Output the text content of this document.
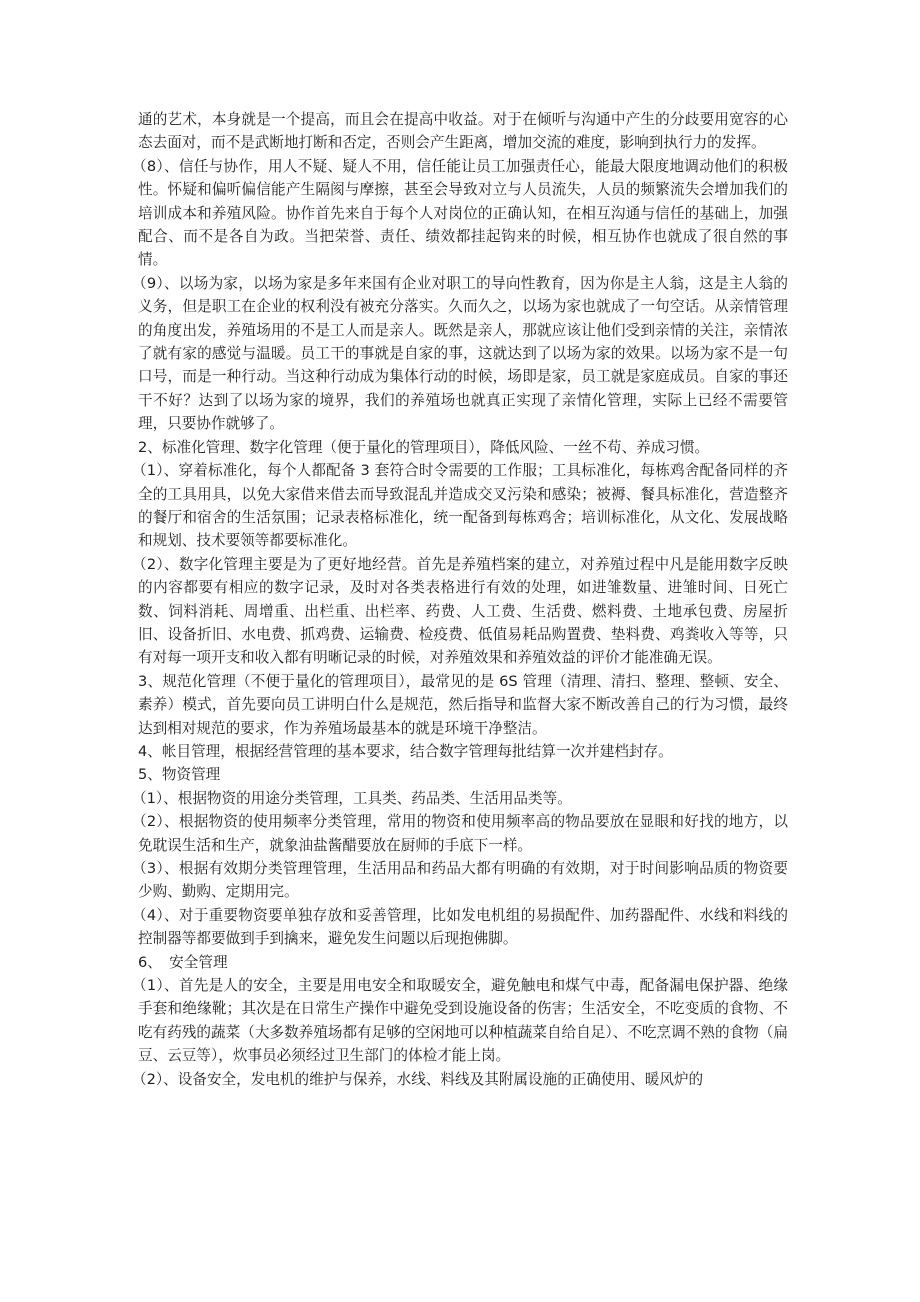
通的艺术，本身就是一个提高，而且会在提高中收益。对于在倾听与沟通中产生的分歧要用宽容的心态去面对，而不是武断地打断和否定，否则会产生距离，增加交流的难度，影响到执行力的发挥。

（8）、信任与协作，用人不疑、疑人不用，信任能让员工加强责任心，能最大限度地调动他们的积极性。怀疑和偏听偏信能产生隔阂与摩擦，甚至会导致对立与人员流失，人员的频繁流失会增加我们的培训成本和养殖风险。协作首先来自于每个人对岗位的正确认知，在相互沟通与信任的基础上，加强配合、而不是各自为政。当把荣誉、责任、绩效都挂起钩来的时候，相互协作也就成了很自然的事情。

（9）、以场为家，以场为家是多年来国有企业对职工的导向性教育，因为你是主人翁，这是主人翁的义务，但是职工在企业的权利没有被充分落实。久而久之，以场为家也就成了一句空话。从亲情管理的角度出发，养殖场用的不是工人而是亲人。既然是亲人，那就应该让他们受到亲情的关注，亲情浓了就有家的感觉与温暖。员工干的事就是自家的事，这就达到了以场为家的效果。以场为家不是一句口号，而是一种行动。当这种行动成为集体行动的时候，场即是家，员工就是家庭成员。自家的事还干不好？达到了以场为家的境界，我们的养殖场也就真正实现了亲情化管理，实际上已经不需要管理，只要协作就够了。

2、标准化管理、数字化管理（便于量化的管理项目），降低风险、一丝不苟、养成习惯。

（1）、穿着标准化，每个人都配备 3 套符合时令需要的工作服；工具标准化，每栋鸡舍配备同样的齐全的工具用具，以免大家借来借去而导致混乱并造成交叉污染和感染；被褥、餐具标准化，营造整齐的餐厅和宿舍的生活氛围；记录表格标准化，统一配备到每栋鸡舍；培训标准化，从文化、发展战略和规划、技术要领等都要标准化。

（2）、数字化管理主要是为了更好地经营。首先是养殖档案的建立，对养殖过程中凡是能用数字反映的内容都要有相应的数字记录，及时对各类表格进行有效的处理，如进雏数量、进雏时间、日死亡数、饲料消耗、周增重、出栏重、出栏率、药费、人工费、生活费、燃料费、土地承包费、房屋折旧、设备折旧、水电费、抓鸡费、运输费、检疫费、低值易耗品购置费、垫料费、鸡粪收入等等，只有对每一项开支和收入都有明晰记录的时候，对养殖效果和养殖效益的评价才能准确无误。

3、规范化管理（不便于量化的管理项目），最常见的是 6S 管理（清理、清扫、整理、整顿、安全、素养）模式，首先要向员工讲明白什么是规范，然后指导和监督大家不断改善自己的行为习惯，最终达到相对规范的要求，作为养殖场最基本的就是环境干净整洁。

4、帐目管理，根据经营管理的基本要求，结合数字管理每批结算一次并建档封存。

5、物资管理

（1）、根据物资的用途分类管理，工具类、药品类、生活用品类等。

（2）、根据物资的使用频率分类管理，常用的物资和使用频率高的物品要放在显眼和好找的地方，以免耽误生活和生产，就象油盐酱醋要放在厨师的手底下一样。

（3）、根据有效期分类管理管理，生活用品和药品大都有明确的有效期，对于时间影响品质的物资要少购、勤购、定期用完。

（4）、对于重要物资要单独存放和妥善管理，比如发电机组的易损配件、加药器配件、水线和料线的控制器等都要做到手到擒来，避免发生问题以后现抱佛脚。

6、　安全管理

（1）、首先是人的安全，主要是用电安全和取暖安全，避免触电和煤气中毒，配备漏电保护器、绝缘手套和绝缘靴；其次是在日常生产操作中避免受到设施设备的伤害；生活安全，不吃变质的食物、不吃有药残的蔬菜（大多数养殖场都有足够的空闲地可以种植蔬菜自给自足）、不吃烹调不熟的食物（扁豆、云豆等），炊事员必须经过卫生部门的体检才能上岗。

（2）、设备安全，发电机的维护与保养，水线、料线及其附属设施的正确使用、暖风炉的
